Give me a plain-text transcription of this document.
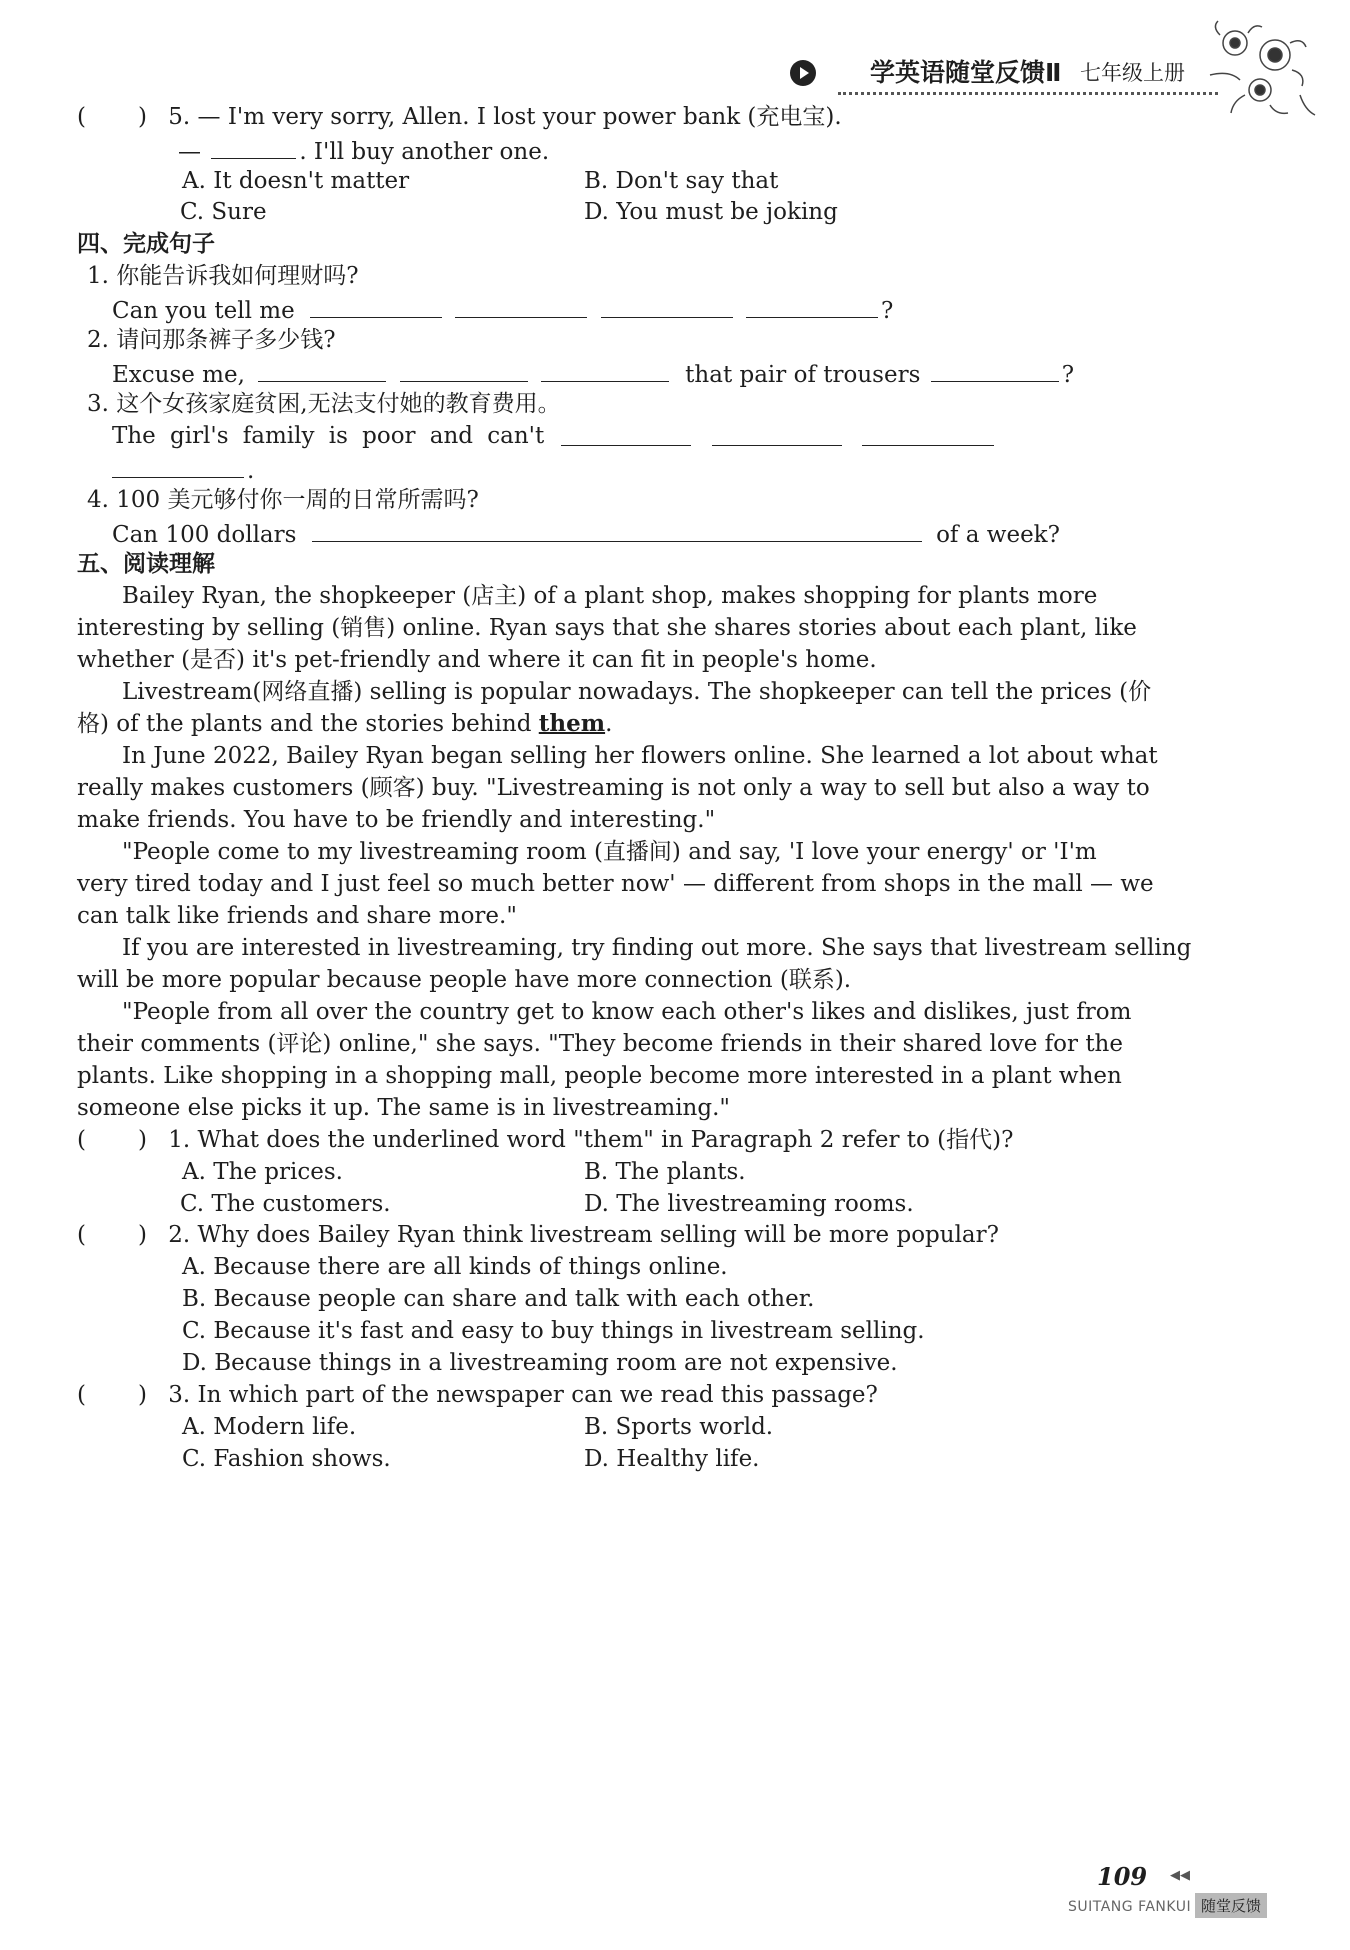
学英语随堂反馈Ⅱ 七年级上册
( ) 5. — I'm very sorry, Allen. I lost your power bank (充电宝).
—	. I'll buy another one.
A. It doesn't matter	B. Don't say that
C. Sure	D. You must be joking
四、完成句子
1. 你能告诉我如何理财吗?
Can you tell me	?
2. 请问那条裤子多少钱?
Excuse me,	that pair of trousers	?
3. 这个女孩家庭贫困,无法支付她的教育费用。
The girl's family is poor and can't
.
4. 100 美元够付你一周的日常所需吗?
Can 100 dollars	of a week?
五、阅读理解
Bailey Ryan, the shopkeeper (店主) of a plant shop, makes shopping for plants more
interesting by selling (销售) online. Ryan says that she shares stories about each plant, like
whether (是否) it's pet-friendly and where it can fit in people's home.
Livestream(网络直播) selling is popular nowadays. The shopkeeper can tell the prices (价
格) of the plants and the stories behind them.
In June 2022, Bailey Ryan began selling her flowers online. She learned a lot about what
really makes customers (顾客) buy. "Livestreaming is not only a way to sell but also a way to
make friends. You have to be friendly and interesting."
"People come to my livestreaming room (直播间) and say, 'I love your energy' or 'I'm
very tired today and I just feel so much better now' — different from shops in the mall — we
can talk like friends and share more."
If you are interested in livestreaming, try finding out more. She says that livestream selling
will be more popular because people have more connection (联系).
"People from all over the country get to know each other's likes and dislikes, just from
their comments (评论) online," she says. "They become friends in their shared love for the
plants. Like shopping in a shopping mall, people become more interested in a plant when
someone else picks it up. The same is in livestreaming."
( ) 1. What does the underlined word "them" in Paragraph 2 refer to (指代)?
A. The prices.	B. The plants.
C. The customers.	D. The livestreaming rooms.
( ) 2. Why does Bailey Ryan think livestream selling will be more popular?
A. Because there are all kinds of things online.
B. Because people can share and talk with each other.
C. Because it's fast and easy to buy things in livestream selling.
D. Because things in a livestreaming room are not expensive.
( ) 3. In which part of the newspaper can we read this passage?
A. Modern life.	B. Sports world.
C. Fashion shows.	D. Healthy life.
109 ◀◀
SUITANG FANKUI 随堂反馈
